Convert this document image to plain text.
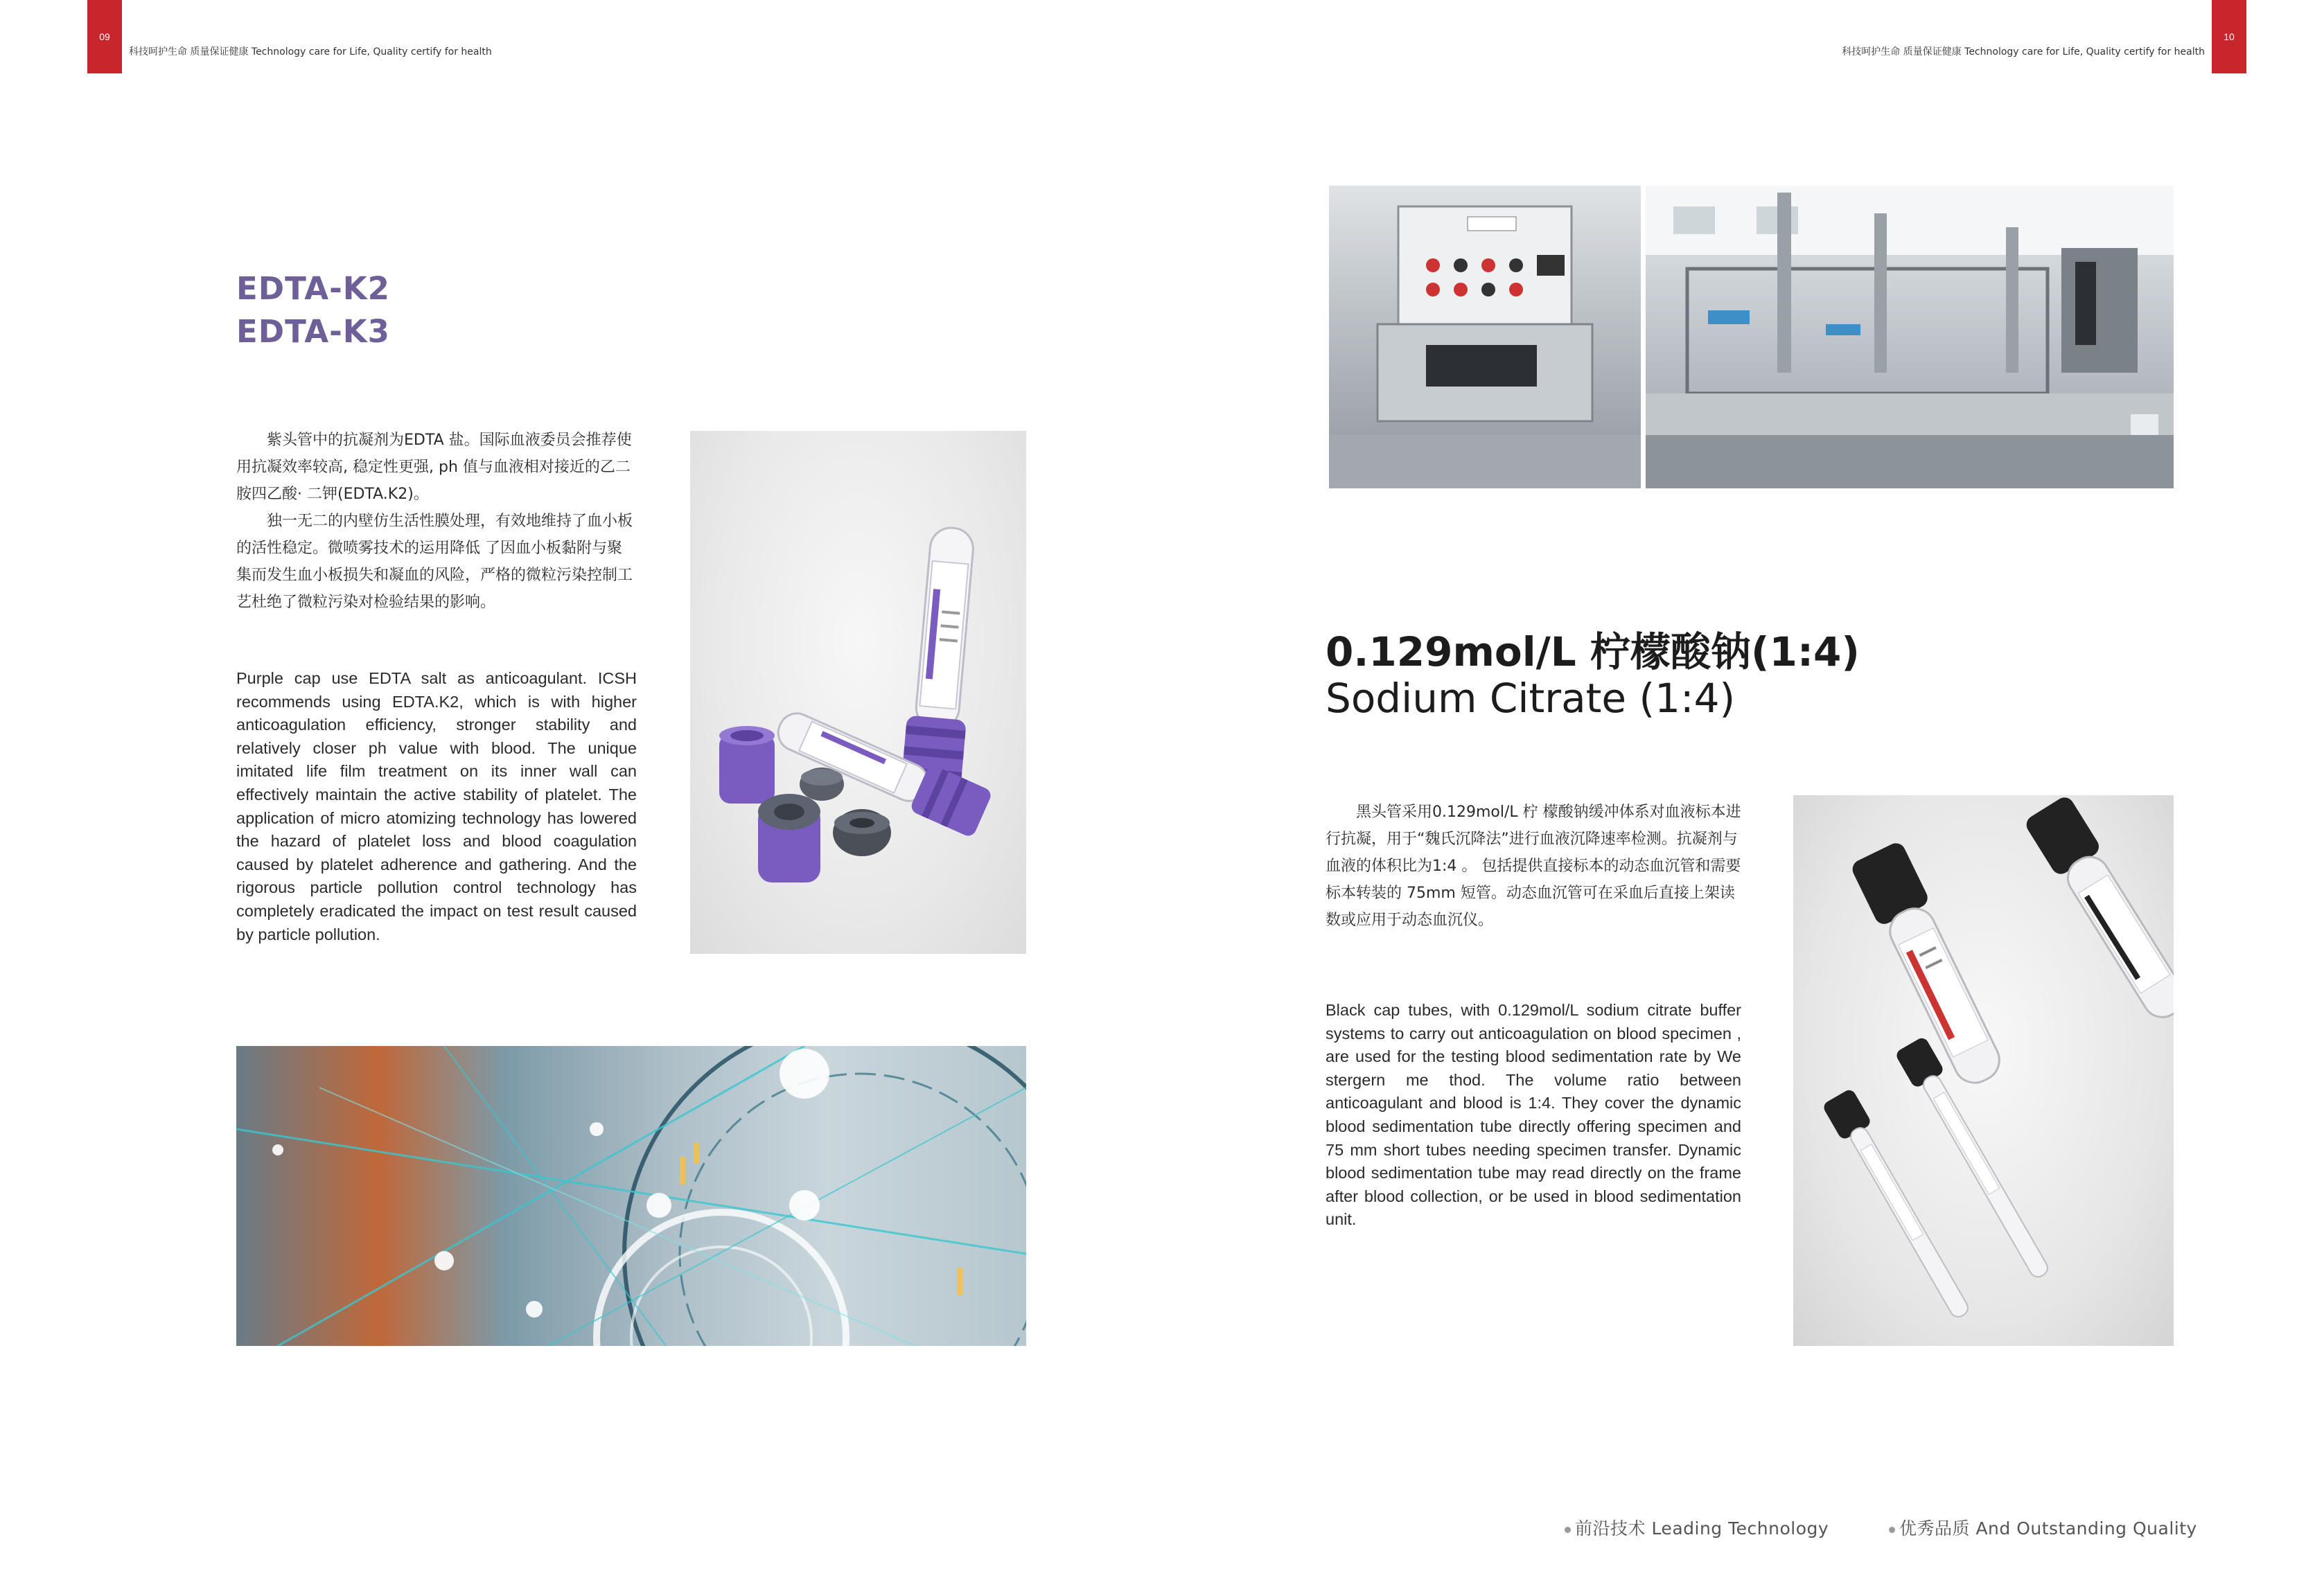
09
科技呵护生命 质量保证健康 Technology care for Life, Quality certify for health
10
科技呵护生命 质量保证健康 Technology care for Life, Quality certify for health
EDTA-K2
EDTA-K3

紫头管中的抗凝剂为EDTA 盐。国际血液委员会推荐使用抗凝效率较高, 稳定性更强, ph 值与血液相对接近的乙二胺四乙酸· 二钾(EDTA.K2)。

独一无二的内壁仿生活性膜处理，有效地维持了血小板的活性稳定。微喷雾技术的运用降低 了因血小板黏附与聚集而发生血小板损失和凝血的风险，严格的微粒污染控制工艺杜绝了微粒污染对检验结果的影响。

Purple cap use EDTA salt as anticoagulant. ICSH recommends using EDTA.K2, which is with higher anticoagulation efficiency, stronger stability and relatively closer ph value with blood. The unique imitated life film treatment on its inner wall can effectively maintain the active stability of platelet. The application of micro atomizing technology has lowered the hazard of platelet loss and blood coagulation caused by platelet adherence and gathering. And the rigorous particle pollution control technology has completely eradicated the impact on test result caused by particle pollution.
0.129mol/L 柠檬酸钠(1:4)
Sodium Citrate (1:4)

黑头管采用0.129mol/L 柠 檬酸钠缓冲体系对血液标本进行抗凝，用于“魏氏沉降法”进行血液沉降速率检测。抗凝剂与血液的体积比为1:4 。 包括提供直接标本的动态血沉管和需要标本转装的 75mm 短管。动态血沉管可在采血后直接上架读数或应用于动态血沉仪。

Black cap tubes, with 0.129mol/L sodium citrate buffer systems to carry out anticoagulation on blood specimen , are used for the testing blood sedimentation rate by We stergern me thod. The volume ratio between anticoagulant and blood is 1:4. They cover the dynamic blood sedimentation tube directly offering specimen and 75 mm short tubes needing specimen transfer. Dynamic blood sedimentation tube may read directly on the frame after blood collection, or be used in blood sedimentation unit.
前沿技术 Leading Technology	优秀品质 And Outstanding Quality
